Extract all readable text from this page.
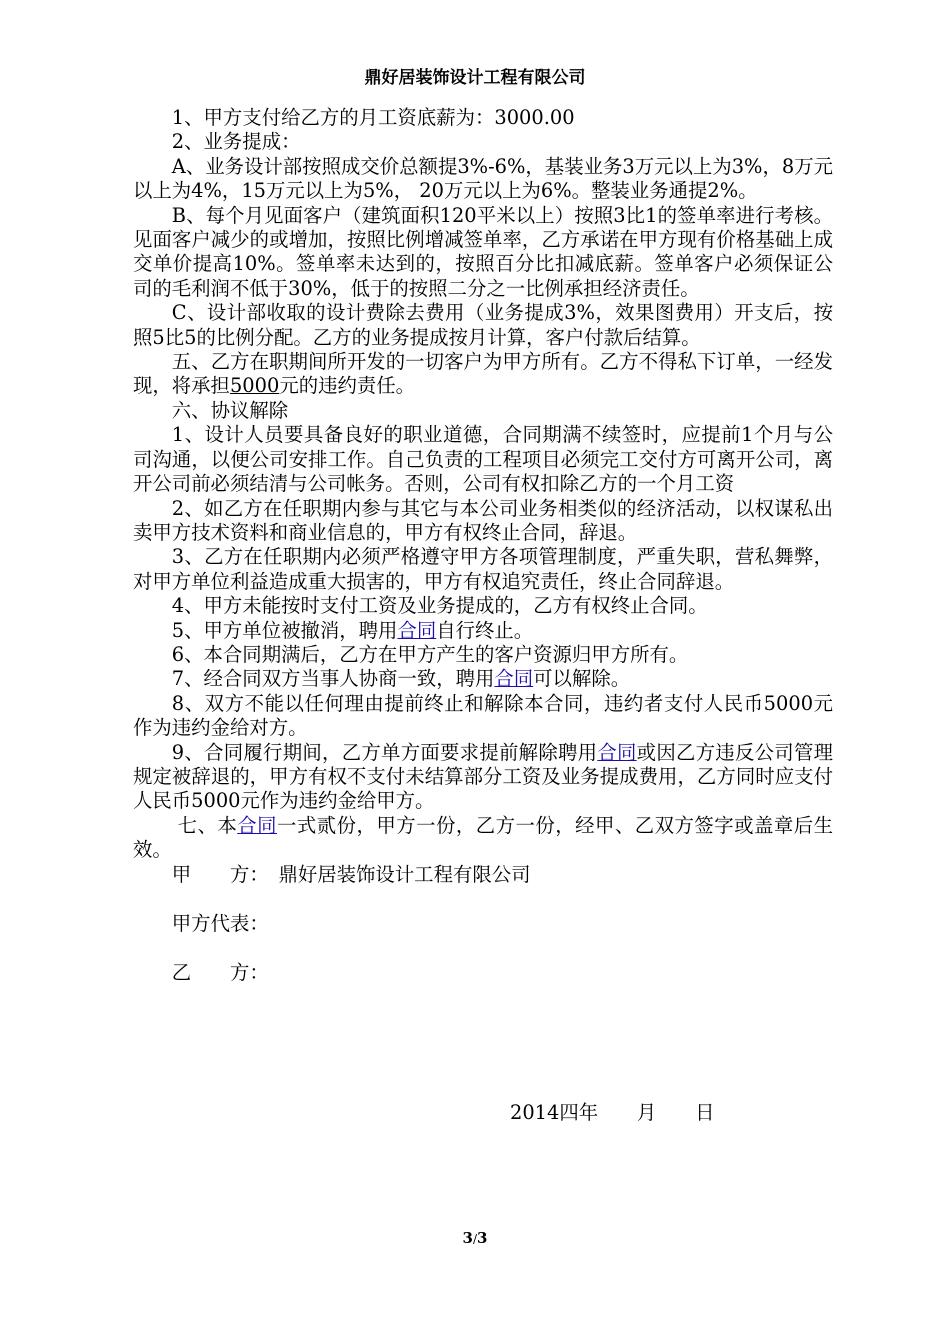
鼎好居装饰设计工程有限公司

1、甲方支付给乙方的月工资底薪为：3000.00

2、业务提成：

A、业务设计部按照成交价总额提3%-6%，基装业务3万元以上为3%，8万元以上为4%，15万元以上为5%， 20万元以上为6%。整装业务通提2%。

B、每个月见面客户（建筑面积120平米以上）按照3比1的签单率进行考核。见面客户减少的或增加，按照比例增减签单率，乙方承诺在甲方现有价格基础上成交单价提高10%。签单率未达到的，按照百分比扣减底薪。签单客户必须保证公司的毛利润不低于30%，低于的按照二分之一比例承担经济责任。

C、设计部收取的设计费除去费用（业务提成3%，效果图费用）开支后，按照5比5的比例分配。乙方的业务提成按月计算，客户付款后结算。

五、乙方在职期间所开发的一切客户为甲方所有。乙方不得私下订单，一经发现，将承担5000元的违约责任。

六、协议解除

1、设计人员要具备良好的职业道德，合同期满不续签时，应提前1个月与公司沟通，以便公司安排工作。自己负责的工程项目必须完工交付方可离开公司，离开公司前必须结清与公司帐务。否则，公司有权扣除乙方的一个月工资

2、如乙方在任职期内参与其它与本公司业务相类似的经济活动，以权谋私出卖甲方技术资料和商业信息的，甲方有权终止合同，辞退。

3、乙方在任职期内必须严格遵守甲方各项管理制度，严重失职，营私舞弊，对甲方单位利益造成重大损害的，甲方有权追究责任，终止合同辞退。

4、甲方未能按时支付工资及业务提成的，乙方有权终止合同。

5、甲方单位被撤消，聘用合同自行终止。

6、本合同期满后，乙方在甲方产生的客户资源归甲方所有。

7、经合同双方当事人协商一致，聘用合同可以解除。

8、双方不能以任何理由提前终止和解除本合同，违约者支付人民币5000元作为违约金给对方。

9、合同履行期间，乙方单方面要求提前解除聘用合同或因乙方违反公司管理规定被辞退的，甲方有权不支付未结算部分工资及业务提成费用，乙方同时应支付人民币5000元作为违约金给甲方。

七、本合同一式贰份，甲方一份，乙方一份，经甲、乙双方签字或盖章后生效。

甲　　方：　鼎好居装饰设计工程有限公司

甲方代表：

乙　　方：

2014四年　　月　　日
3/3
